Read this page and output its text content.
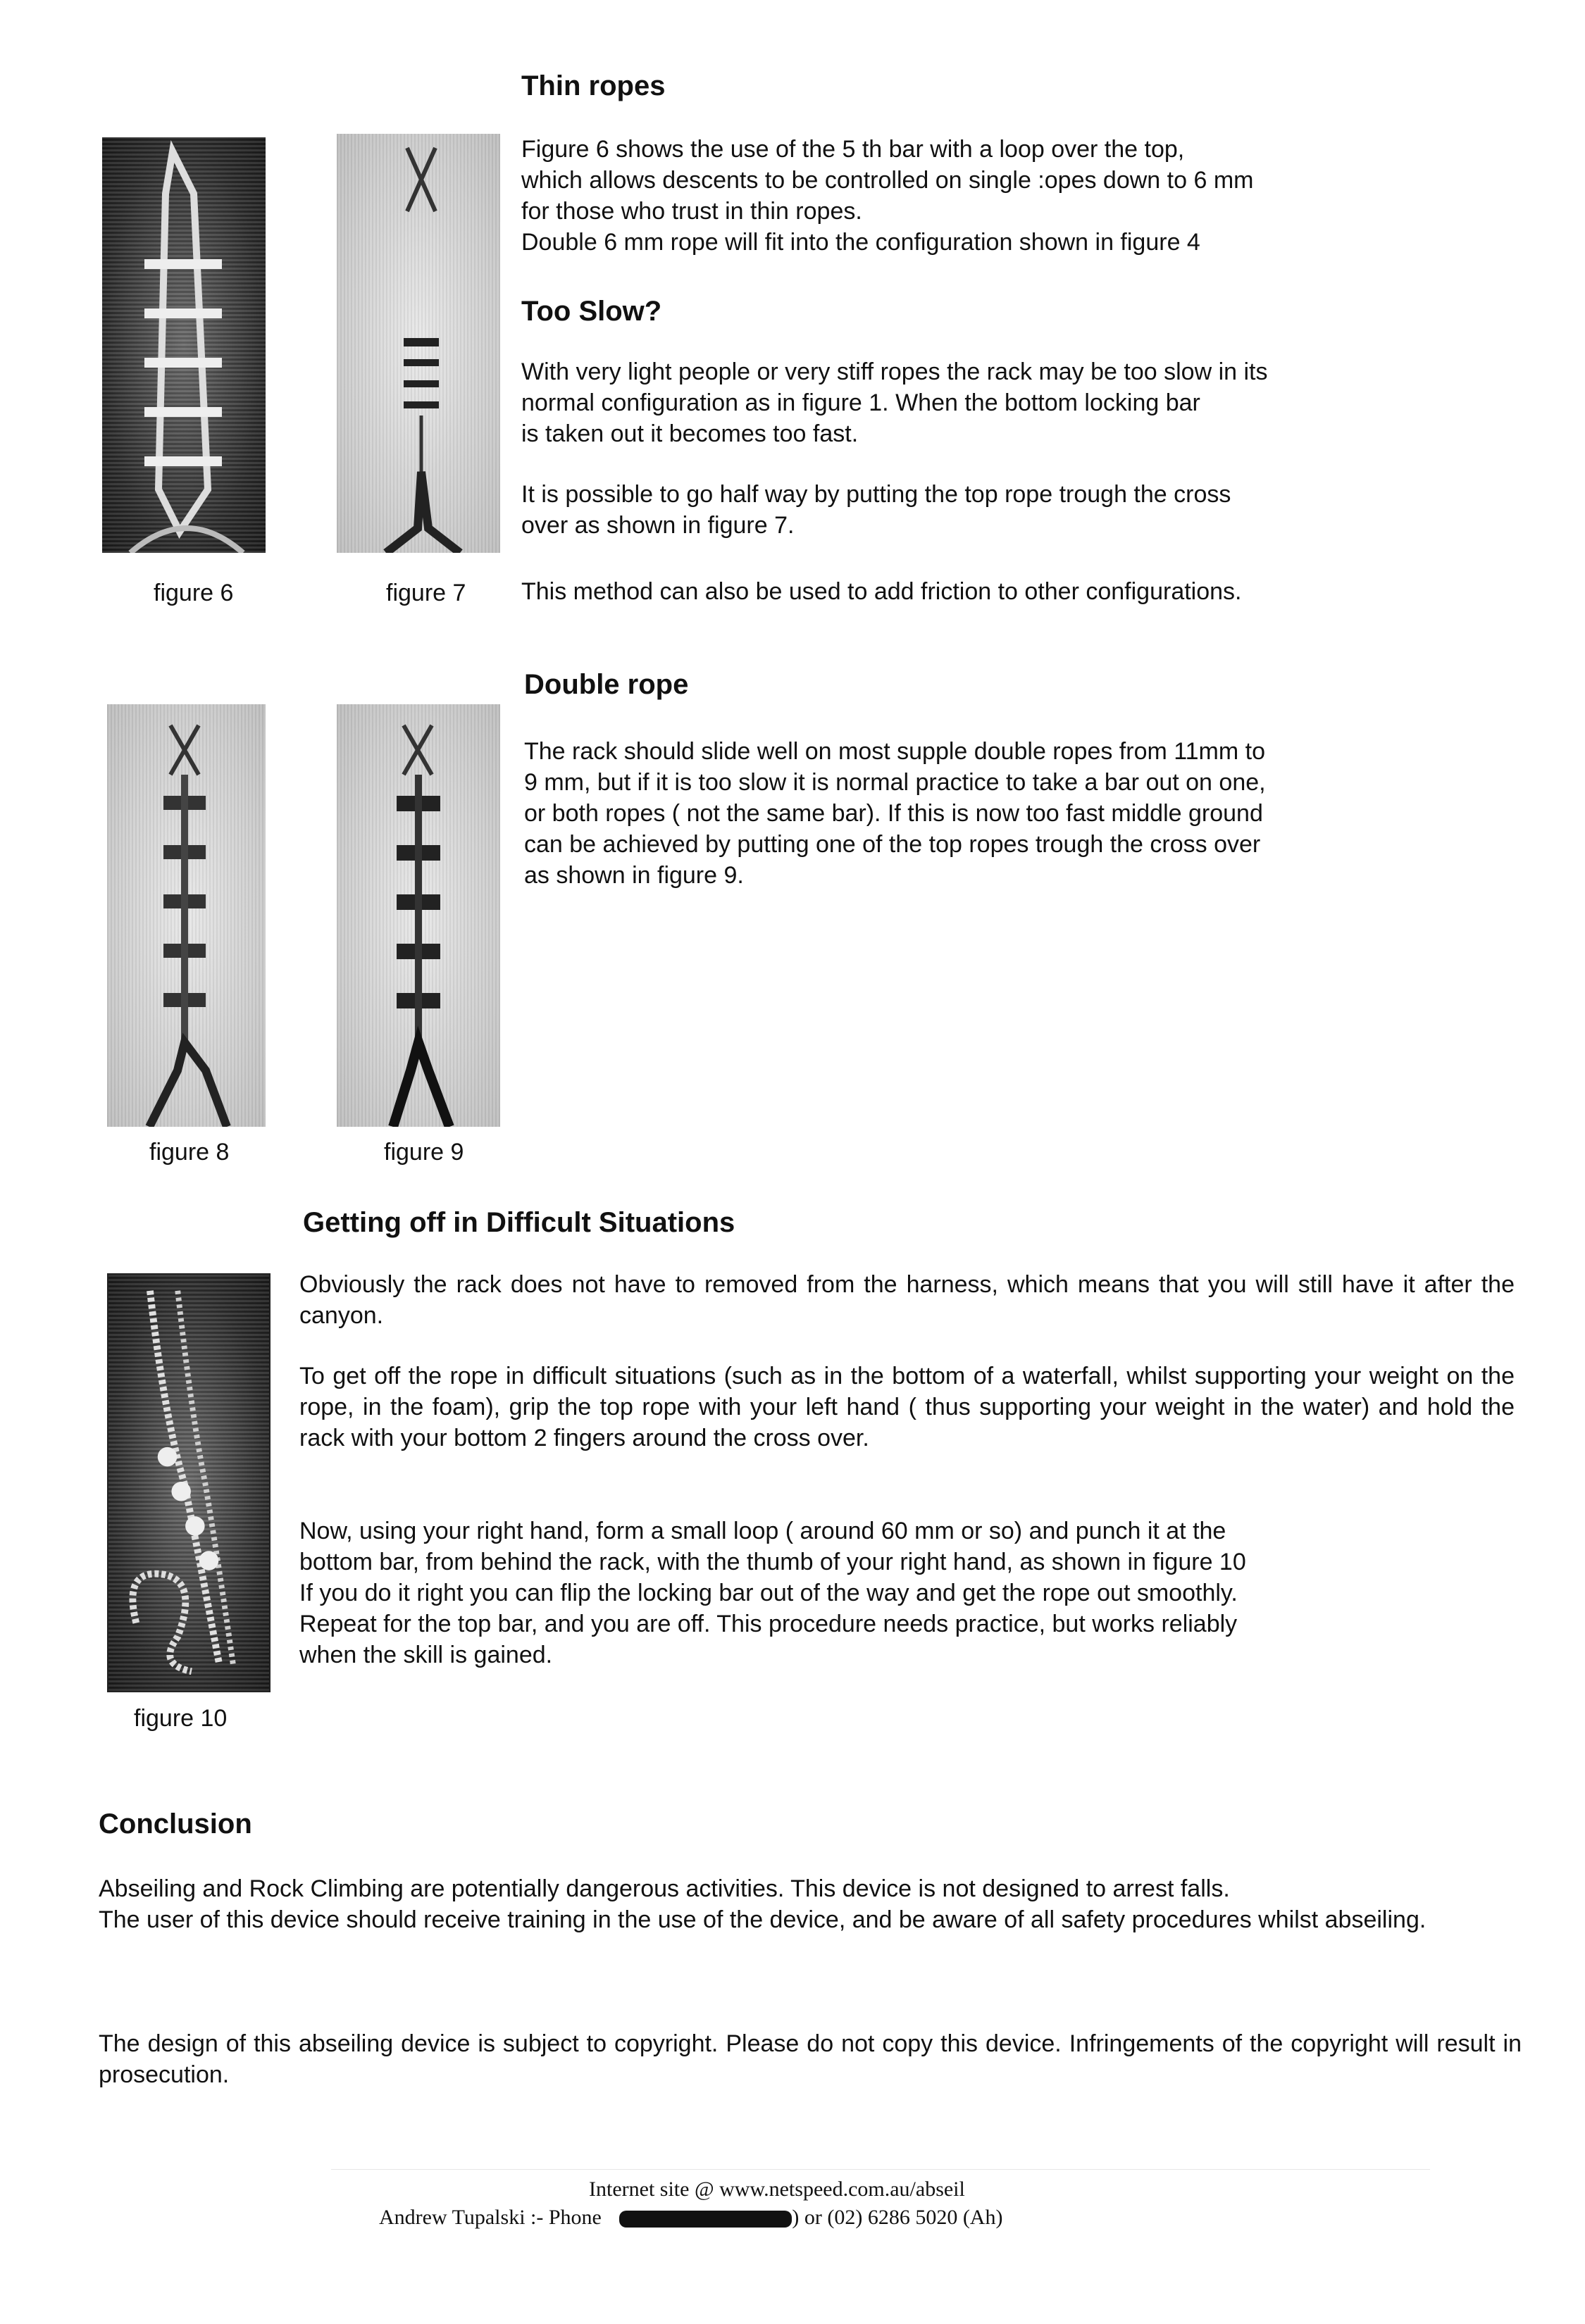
Thin ropes
Figure 6 shows the use of the 5 th bar with a loop over the top,
which allows descents to be controlled on single :opes down to 6 mm
for those who trust in thin ropes.
Double 6 mm rope will fit into the configuration shown in figure 4
Too Slow?
With very light people or very stiff ropes the rack may be too slow in its
normal configuration as in figure 1. When the bottom locking bar
is taken out it becomes too fast.
It is possible to go half way by putting the top rope trough the cross
over as shown in figure 7.
figure 6	figure 7 This method can also be used to add friction to other configurations.
Double rope
The rack should slide well on most supple double ropes from 11mm to
9 mm, but if it is too slow it is normal practice to take a bar out on one,
or both ropes ( not the same bar). If this is now too fast middle ground
can be achieved by putting one of the top ropes trough the cross over
as shown in figure 9.
figure 8	figure 9
Getting off in Difficult Situations
Obviously the rack does not have to removed from the harness, which means that you will still have it after the canyon.
To get off the rope in difficult situations (such as in the bottom of a waterfall, whilst supporting your weight on the rope, in the foam), grip the top rope with your left hand ( thus supporting your weight in the water) and hold the rack with your bottom 2 fingers around the cross over.
Now, using your right hand, form a small loop ( around 60 mm or so) and punch it at the
bottom bar, from behind the rack, with the thumb of your right hand, as shown in figure 10
If you do it right you can flip the locking bar out of the way and get the rope out smoothly.
Repeat for the top bar, and you are off. This procedure needs practice, but works reliably
when the skill is gained.
figure 10
Conclusion
Abseiling and Rock Climbing are potentially dangerous activities. This device is not designed to arrest falls.
The user of this device should receive training in the use of the device, and be aware of all safety procedures whilst abseiling.
The design of this abseiling device is subject to copyright. Please do not copy this device. Infringements of the copyright will result in prosecution.
Internet site @ www.netspeed.com.au/abseil
Andrew Tupalski :- Phone	) or (02) 6286 5020 (Ah)
